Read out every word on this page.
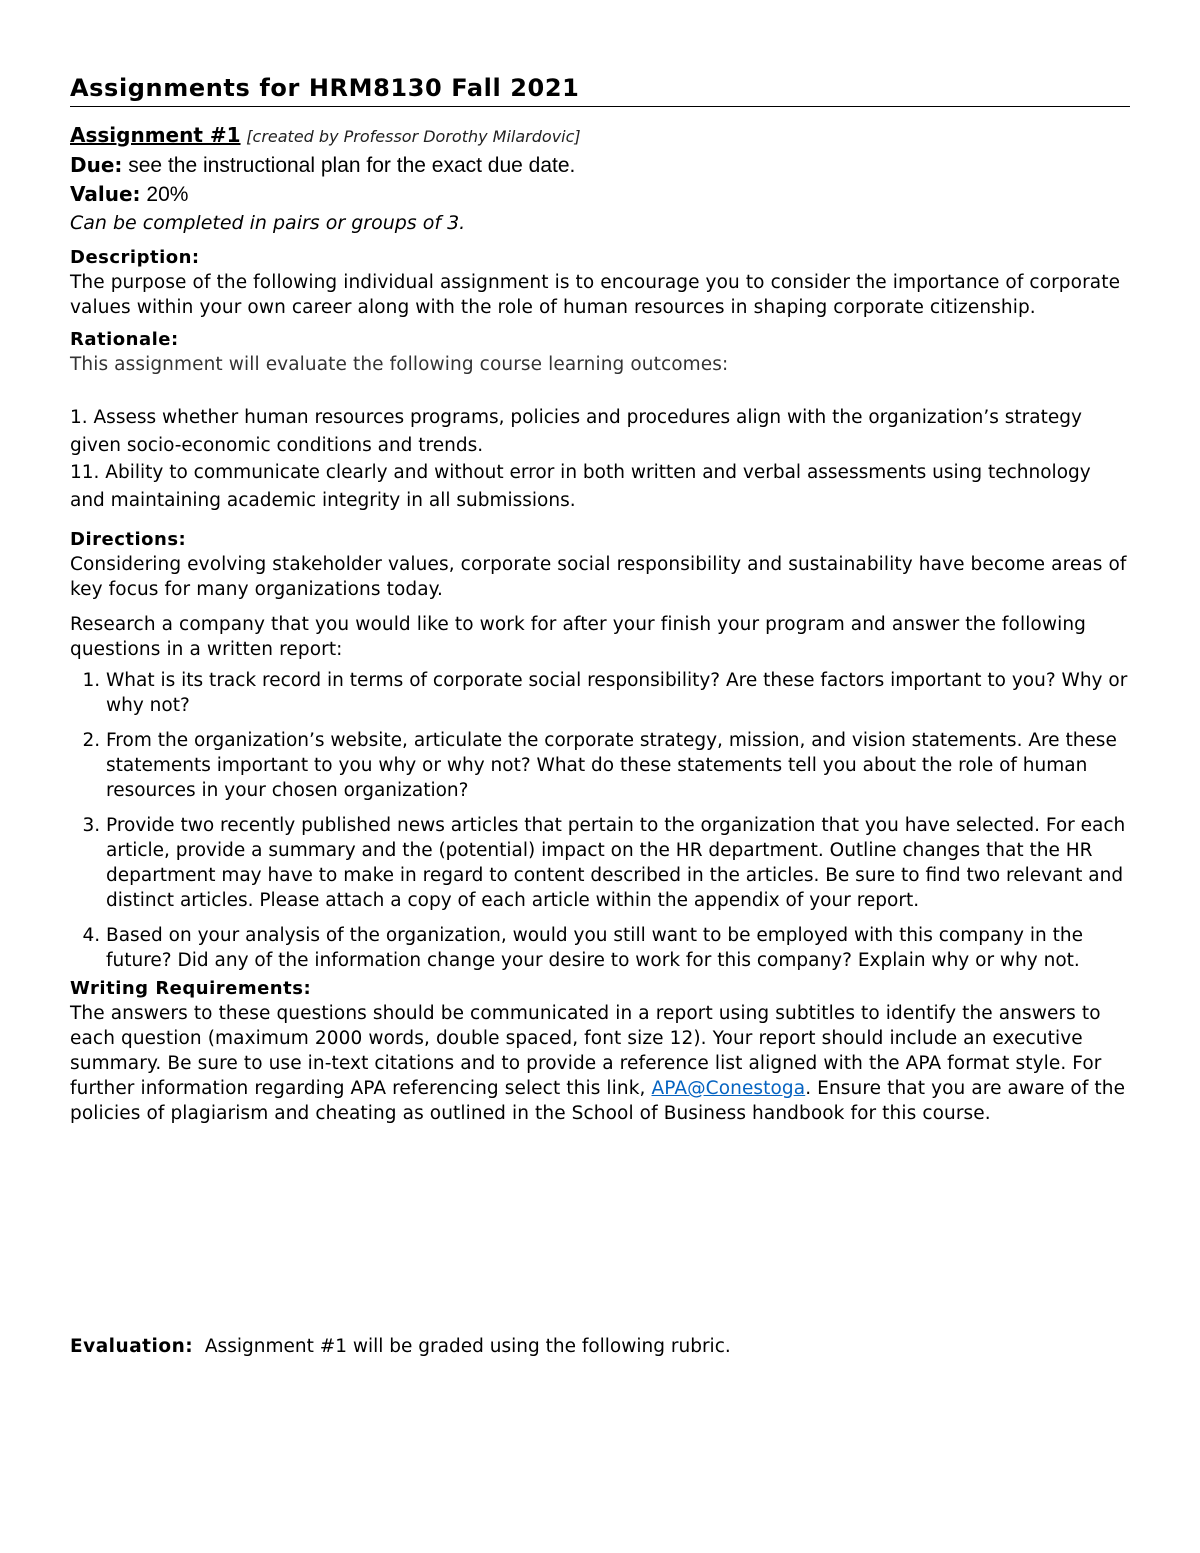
Assignments for HRM8130 Fall 2021
Assignment #1 [created by Professor Dorothy Milardovic]
Due: see the instructional plan for the exact due date.
Value: 20%
Can be completed in pairs or groups of 3.
Description:
The purpose of the following individual assignment is to encourage you to consider the importance of corporate values within your own career along with the role of human resources in shaping corporate citizenship.
Rationale:
This assignment will evaluate the following course learning outcomes:
1. Assess whether human resources programs, policies and procedures align with the organization’s strategy given socio-economic conditions and trends.
11. Ability to communicate clearly and without error in both written and verbal assessments using technology and maintaining academic integrity in all submissions.
Directions:
Considering evolving stakeholder values, corporate social responsibility and sustainability have become areas of key focus for many organizations today.
Research a company that you would like to work for after your finish your program and answer the following questions in a written report:
1. What is its track record in terms of corporate social responsibility? Are these factors important to you? Why or why not?
2. From the organization’s website, articulate the corporate strategy, mission, and vision statements. Are these statements important to you why or why not? What do these statements tell you about the role of human resources in your chosen organization?
3. Provide two recently published news articles that pertain to the organization that you have selected. For each article, provide a summary and the (potential) impact on the HR department. Outline changes that the HR department may have to make in regard to content described in the articles. Be sure to find two relevant and distinct articles. Please attach a copy of each article within the appendix of your report.
4. Based on your analysis of the organization, would you still want to be employed with this company in the future? Did any of the information change your desire to work for this company? Explain why or why not.
Writing Requirements:
The answers to these questions should be communicated in a report using subtitles to identify the answers to each question (maximum 2000 words, double spaced, font size 12). Your report should include an executive summary. Be sure to use in-text citations and to provide a reference list aligned with the APA format style. For further information regarding APA referencing select this link, APA@Conestoga. Ensure that you are aware of the policies of plagiarism and cheating as outlined in the School of Business handbook for this course.
Evaluation: Assignment #1 will be graded using the following rubric.
